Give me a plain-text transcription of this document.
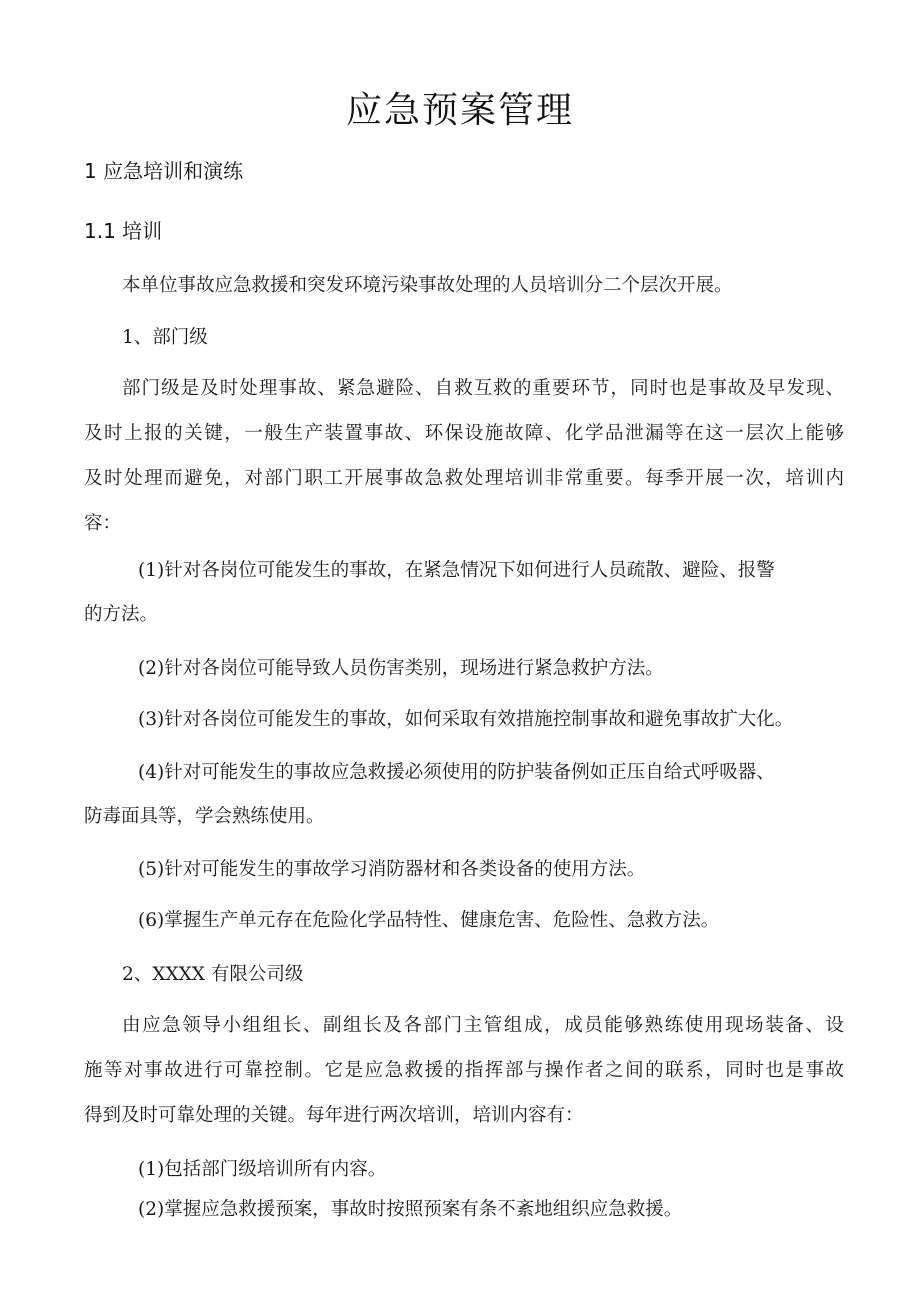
应急预案管理
1 应急培训和演练
1.1 培训
本单位事故应急救援和突发环境污染事故处理的人员培训分二个层次开展。
1、部门级
部门级是及时处理事故、紧急避险、自救互救的重要环节，同时也是事故及早发现、
及时上报的关键，一般生产装置事故、环保设施故障、化学品泄漏等在这一层次上能够
及时处理而避免，对部门职工开展事故急救处理培训非常重要。每季开展一次，培训内
容：
(1)针对各岗位可能发生的事故，在紧急情况下如何进行人员疏散、避险、报警
的方法。
(2)针对各岗位可能导致人员伤害类别，现场进行紧急救护方法。
(3)针对各岗位可能发生的事故，如何采取有效措施控制事故和避免事故扩大化。
(4)针对可能发生的事故应急救援必须使用的防护装备例如正压自给式呼吸器、
防毒面具等，学会熟练使用。
(5)针对可能发生的事故学习消防器材和各类设备的使用方法。
(6)掌握生产单元存在危险化学品特性、健康危害、危险性、急救方法。
2、XXXX 有限公司级
由应急领导小组组长、副组长及各部门主管组成，成员能够熟练使用现场装备、设
施等对事故进行可靠控制。它是应急救援的指挥部与操作者之间的联系，同时也是事故
得到及时可靠处理的关键。每年进行两次培训，培训内容有：
(1)包括部门级培训所有内容。
(2)掌握应急救援预案，事故时按照预案有条不紊地组织应急救援。
